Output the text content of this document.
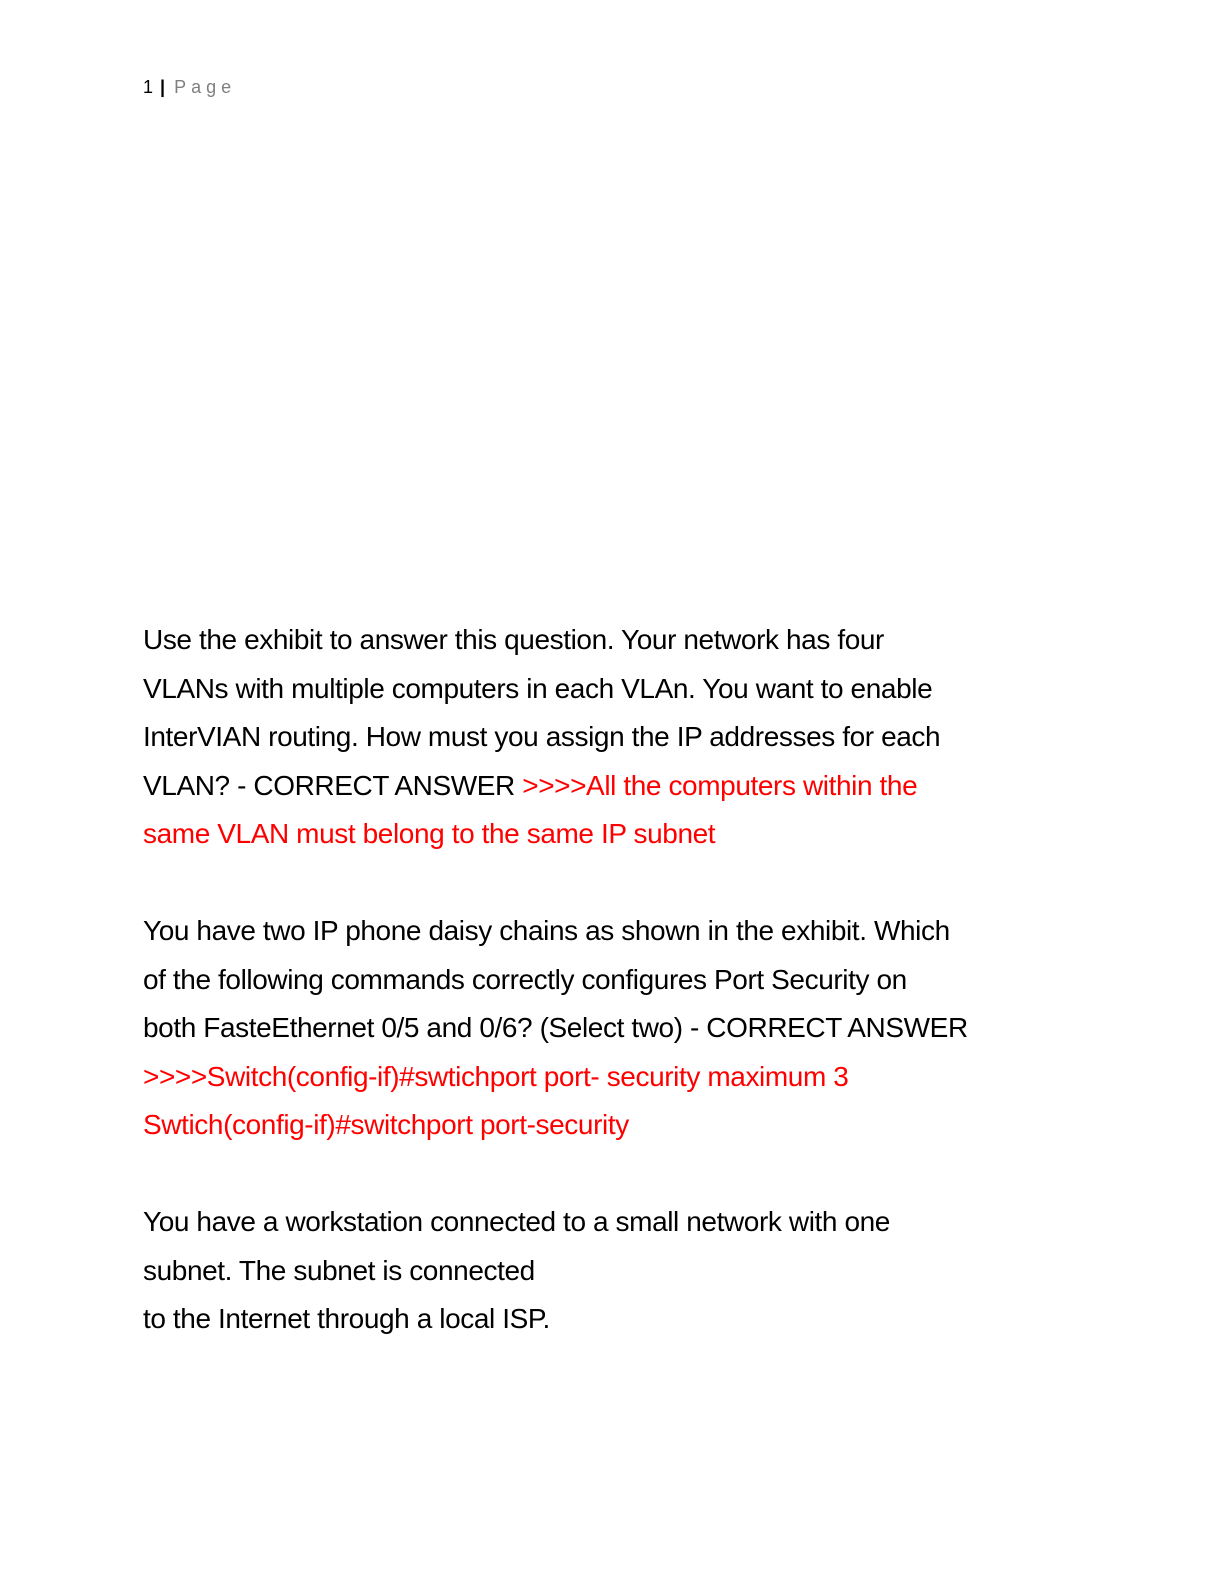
1 | Page
Use the exhibit to answer this question. Your network has four
VLANs with multiple computers in each VLAn. You want to enable
InterVIAN routing. How must you assign the IP addresses for each
VLAN? - CORRECT ANSWER >>>>All the computers within the
same VLAN must belong to the same IP subnet
You have two IP phone daisy chains as shown in the exhibit. Which
of the following commands correctly configures Port Security on
both FasteEthernet 0/5 and 0/6? (Select two) - CORRECT ANSWER
>>>>Switch(config-if)#swtichport port- security maximum 3
Swtich(config-if)#switchport port-security
You have a workstation connected to a small network with one
subnet. The subnet is connected
to the Internet through a local ISP.
